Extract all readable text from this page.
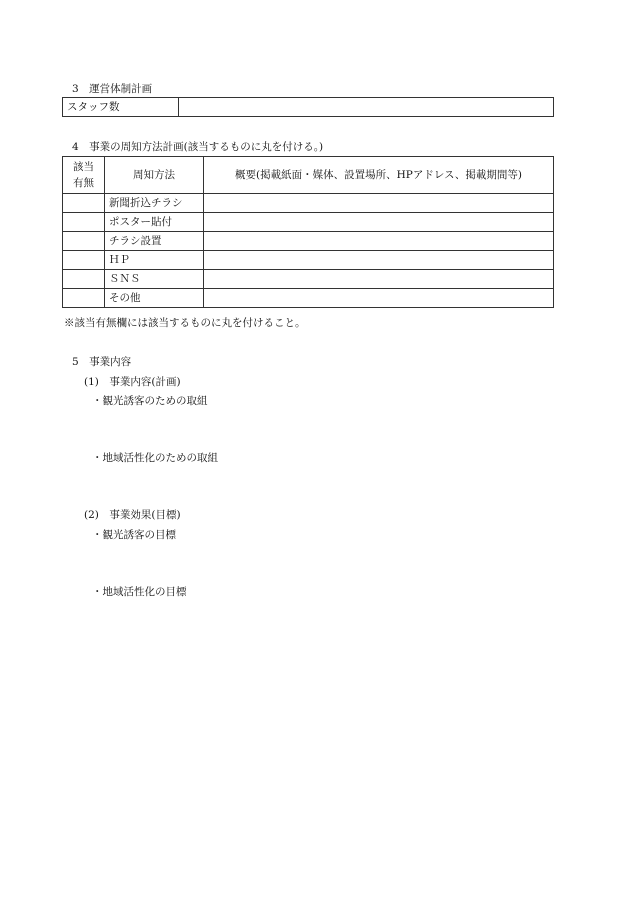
3　運営体制計画
スタッフ数	
4　事業の周知方法計画(該当するものに丸を付ける。)
該当
有無	周知方法	概要(掲載紙面・媒体、設置場所、HPアドレス、掲載期間等)
	新聞折込チラシ	
	ポスター貼付	
	チラシ設置	
	ＨＰ	
	ＳＮＳ	
	その他	
※該当有無欄には該当するものに丸を付けること。
5　事業内容
(1)　事業内容(計画)
・観光誘客のための取組
・地域活性化のための取組
(2)　事業効果(目標)
・観光誘客の目標
・地域活性化の目標
